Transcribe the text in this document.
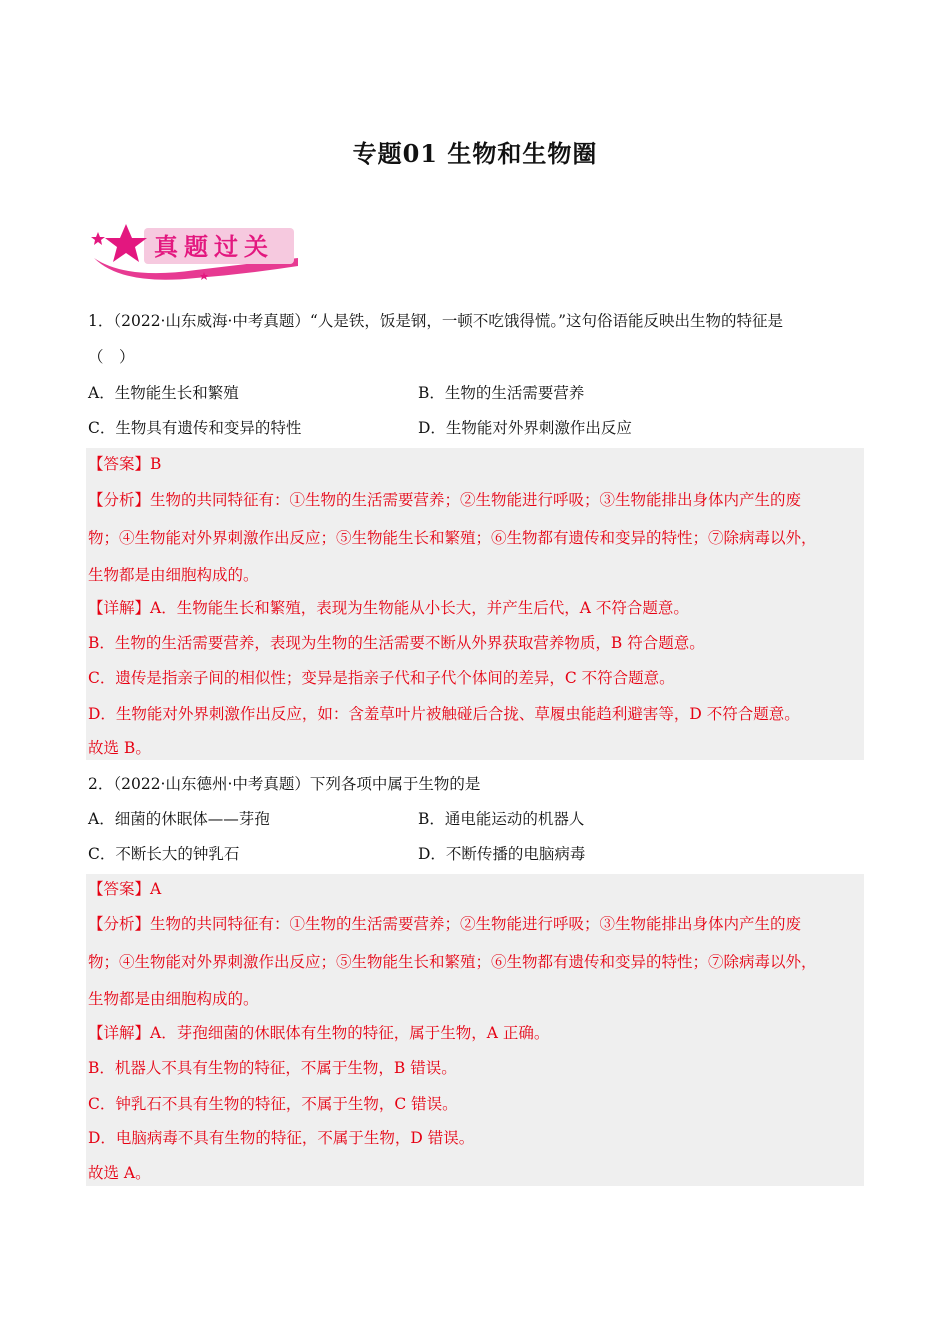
专题01 生物和生物圈
真题过关
1．（2022·山东威海·中考真题）“人是铁，饭是钢，一顿不吃饿得慌。”这句俗语能反映出生物的特征是
（　）
A．生物能生长和繁殖	B．生物的生活需要营养
C．生物具有遗传和变异的特性	D．生物能对外界刺激作出反应
【答案】B
【分析】生物的共同特征有：①生物的生活需要营养；②生物能进行呼吸；③生物能排出身体内产生的废
物；④生物能对外界刺激作出反应；⑤生物能生长和繁殖；⑥生物都有遗传和变异的特性；⑦除病毒以外，
生物都是由细胞构成的。
【详解】A．生物能生长和繁殖，表现为生物能从小长大，并产生后代，A 不符合题意。
B．生物的生活需要营养，表现为生物的生活需要不断从外界获取营养物质，B 符合题意。
C．遗传是指亲子间的相似性；变异是指亲子代和子代个体间的差异，C 不符合题意。
D．生物能对外界刺激作出反应，如：含羞草叶片被触碰后合拢、草履虫能趋利避害等，D 不符合题意。
故选 B。
2．（2022·山东德州·中考真题）下列各项中属于生物的是
A．细菌的休眠体——芽孢	B．通电能运动的机器人
C．不断长大的钟乳石	D．不断传播的电脑病毒
【答案】A
【分析】生物的共同特征有：①生物的生活需要营养；②生物能进行呼吸；③生物能排出身体内产生的废
物；④生物能对外界刺激作出反应；⑤生物能生长和繁殖；⑥生物都有遗传和变异的特性；⑦除病毒以外，
生物都是由细胞构成的。
【详解】A．芽孢细菌的休眠体有生物的特征，属于生物，A 正确。
B．机器人不具有生物的特征，不属于生物，B 错误。
C．钟乳石不具有生物的特征，不属于生物，C 错误。
D．电脑病毒不具有生物的特征，不属于生物，D 错误。
故选 A。
